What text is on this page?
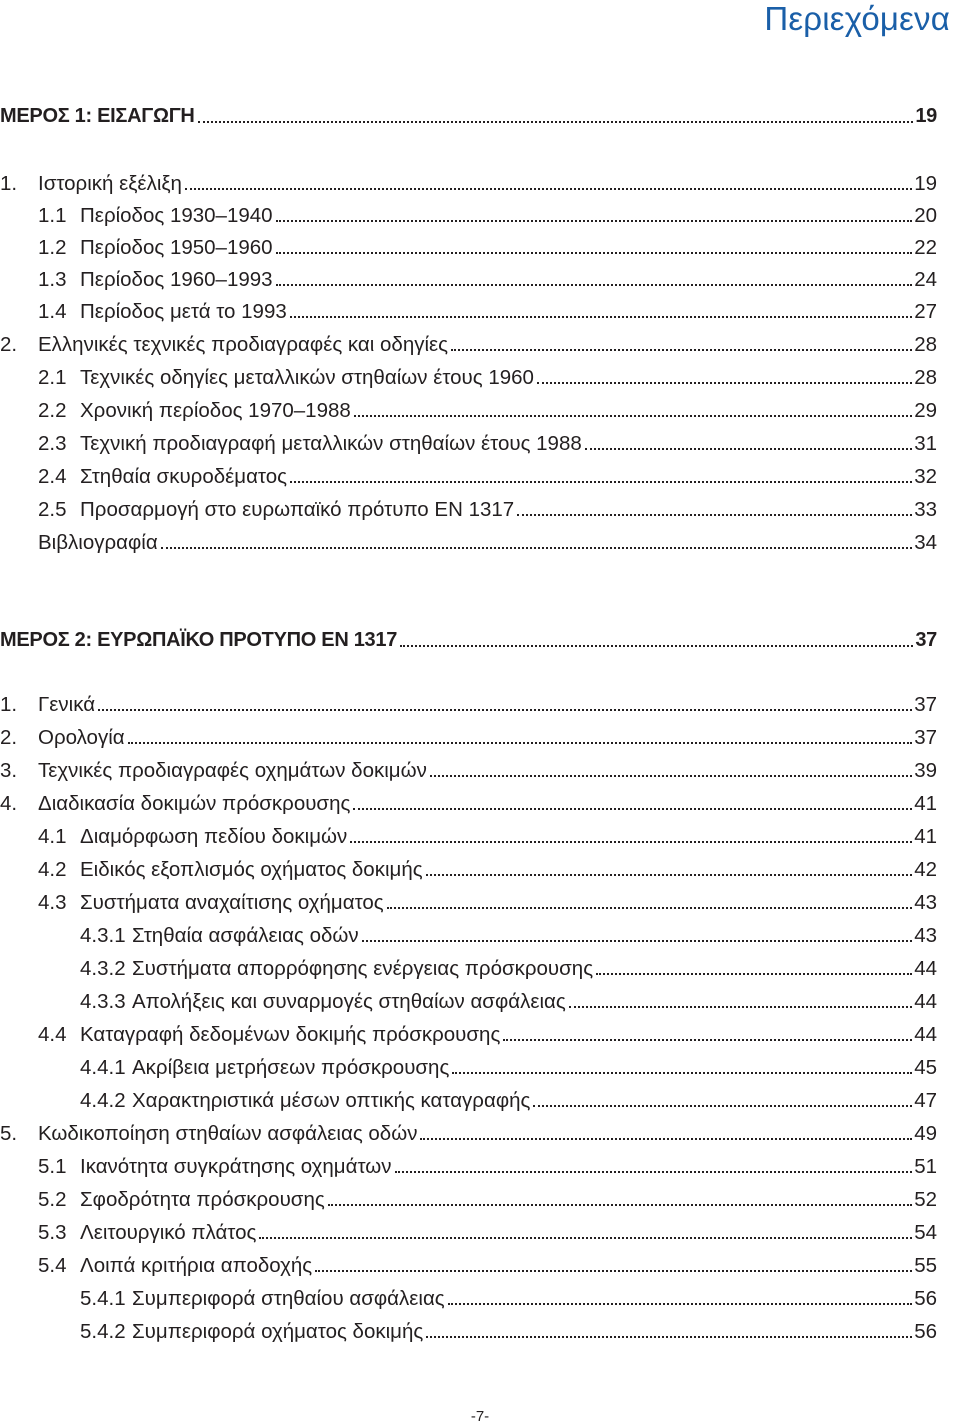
Περιεχόμενα
ΜΕΡΟΣ 1: ΕΙΣΑΓΩΓΗ	19
1.	Ιστορική εξέλιξη	19
1.1 Περίοδος 1930–1940	20
1.2 Περίοδος 1950–1960	22
1.3 Περίοδος 1960–1993	24
1.4 Περίοδος μετά το 1993	27
2.	Ελληνικές τεχνικές προδιαγραφές και οδηγίες	28
2.1 Τεχνικές οδηγίες μεταλλικών στηθαίων έτους 1960	28
2.2 Χρονική περίοδος 1970–1988	29
2.3 Τεχνική προδιαγραφή μεταλλικών στηθαίων έτους 1988	31
2.4 Στηθαία σκυροδέματος	32
2.5 Προσαρμογή στο ευρωπαϊκό πρότυπο ΕΝ 1317	33
Βιβλιογραφία	34
ΜΕΡΟΣ 2: ΕΥΡΩΠΑΪΚΟ ΠΡΟΤΥΠΟ ΕΝ 1317	37
1.	Γενικά	37
2.	Ορολογία	37
3.	Τεχνικές προδιαγραφές οχημάτων δοκιμών	39
4.	Διαδικασία δοκιμών πρόσκρουσης	41
4.1 Διαμόρφωση πεδίου δοκιμών	41
4.2 Ειδικός εξοπλισμός οχήματος δοκιμής	42
4.3 Συστήματα αναχαίτισης οχήματος	43
4.3.1 Στηθαία ασφάλειας οδών	43
4.3.2 Συστήματα απορρόφησης ενέργειας πρόσκρουσης	44
4.3.3 Απολήξεις και συναρμογές στηθαίων ασφάλειας	44
4.4 Καταγραφή δεδομένων δοκιμής πρόσκρουσης	44
4.4.1 Ακρίβεια μετρήσεων πρόσκρουσης	45
4.4.2 Χαρακτηριστικά μέσων οπτικής καταγραφής	47
5.	Κωδικοποίηση στηθαίων ασφάλειας οδών	49
5.1 Ικανότητα συγκράτησης οχημάτων	51
5.2 Σφοδρότητα πρόσκρουσης	52
5.3 Λειτουργικό πλάτος	54
5.4 Λοιπά κριτήρια αποδοχής	55
5.4.1 Συμπεριφορά στηθαίου ασφάλειας	56
5.4.2 Συμπεριφορά οχήματος δοκιμής	56
-7-
